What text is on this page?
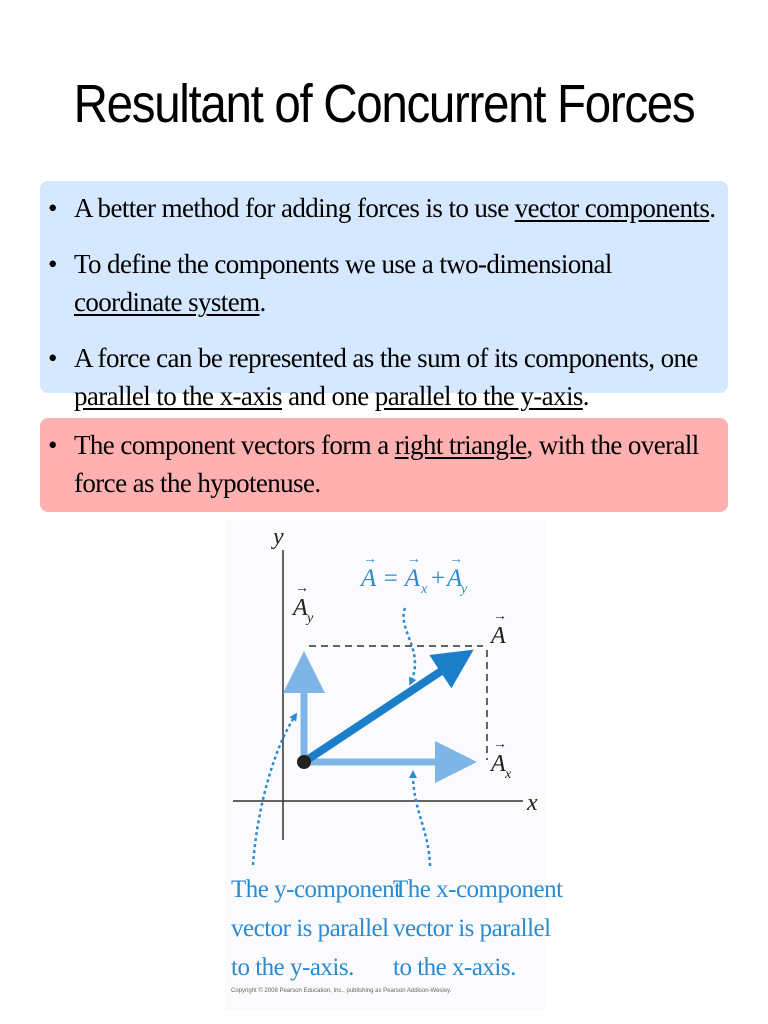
Resultant of Concurrent Forces
• A better method for adding forces is to use vector components.
• To define the components we use a two-dimensional coordinate system.
• A force can be represented as the sum of its components, one parallel to the x-axis and one parallel to the y-axis.
• The component vectors form a right triangle, with the overall force as the hypotenuse.
y
x
A
→
A y
→
A x
→
A = A x + A
y
→ → →
The y-component
vector is parallel
to the y-axis.
The x-component
vector is parallel
to the x-axis.
Copyright © 2008 Pearson Education, Inc., publishing as Pearson Addison-Wesley.
